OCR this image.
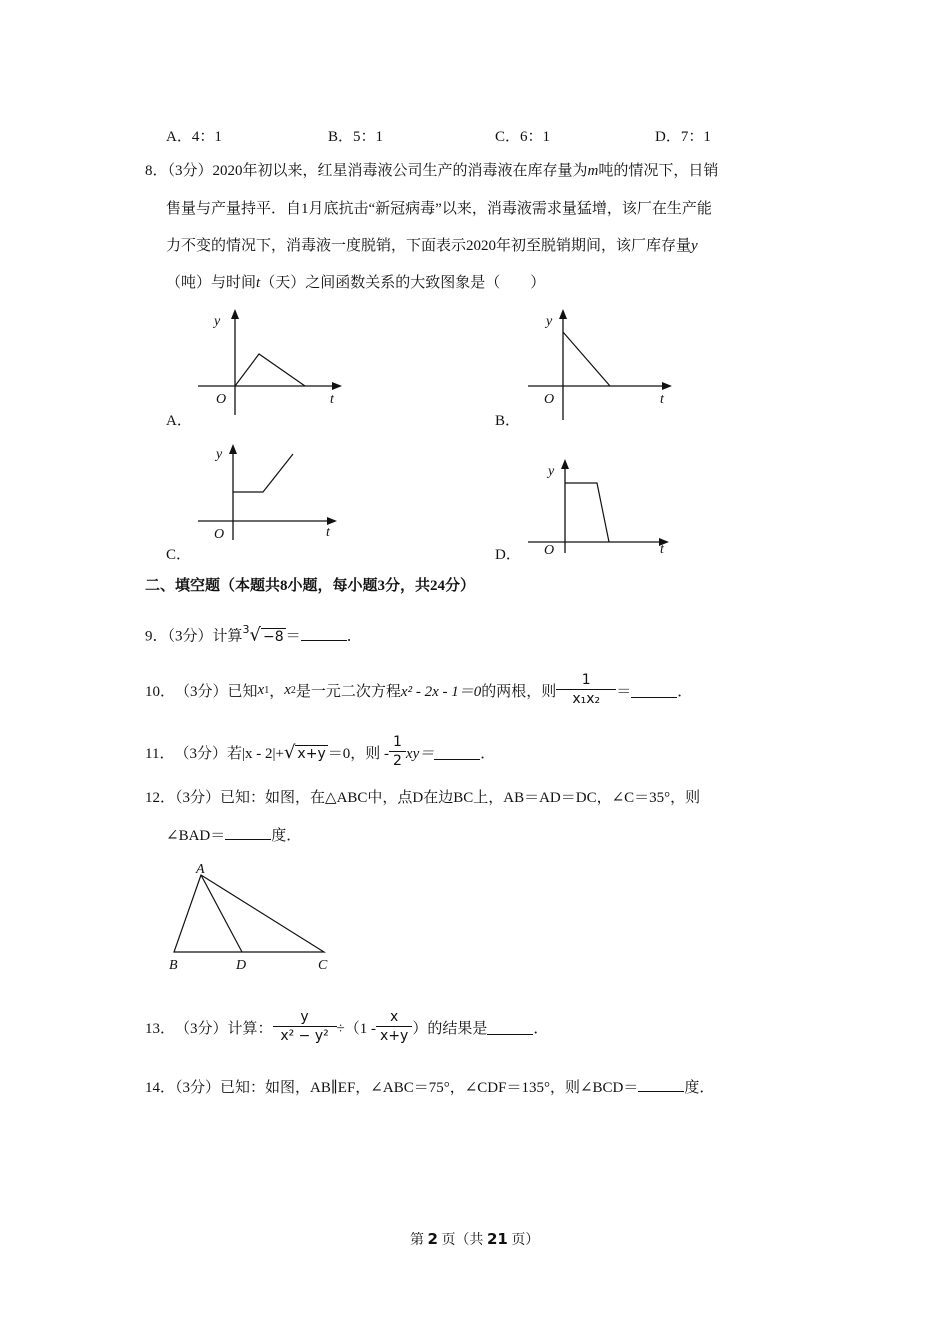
A．4：1	B．5：1	C．6：1	D．7：1
8．（3分）2020年初以来，红星消毒液公司生产的消毒液在库存量为m吨的情况下，日销
售量与产量持平．自1月底抗击“新冠病毒”以来，消毒液需求量猛增，该厂在生产能
力不变的情况下，消毒液一度脱销，下面表示2020年初至脱销期间，该厂库存量y
（吨）与时间t（天）之间函数关系的大致图象是（　　）
y
t
O
A．
y
t
O
B．
y
t
O
C．
y
t
O
D．
二、填空题（本题共8小题，每小题3分，共24分）
9．（3分）计算$^3$√ −8 ＝	．
10． （3分） 已知 x 1 ， x 2 是一元二次方程 x² - 2x - 1＝0 的两根，则 $\frac{1}{\text{x₁x₂}}$ ＝	．
11． （3分） 若|x - 2|+ √ x+y ＝0，则 - $\frac{1}{2} xy=$	．
12．（3分）已知：如图，在△ABC中，点D在边BC上，AB＝AD＝DC，∠C＝35°，则
∠BAD＝	度．
A
B	D	C
13． （3分） 计算： $\frac{y}{\text{x² − y²}} \div(1 - \frac{x}{x+y}$ ）的结果是	．
14．（3分）已知：如图，AB∥EF，∠ABC＝75°，∠CDF＝135°，则∠BCD＝	度．
第 2 页（共 21 页）
